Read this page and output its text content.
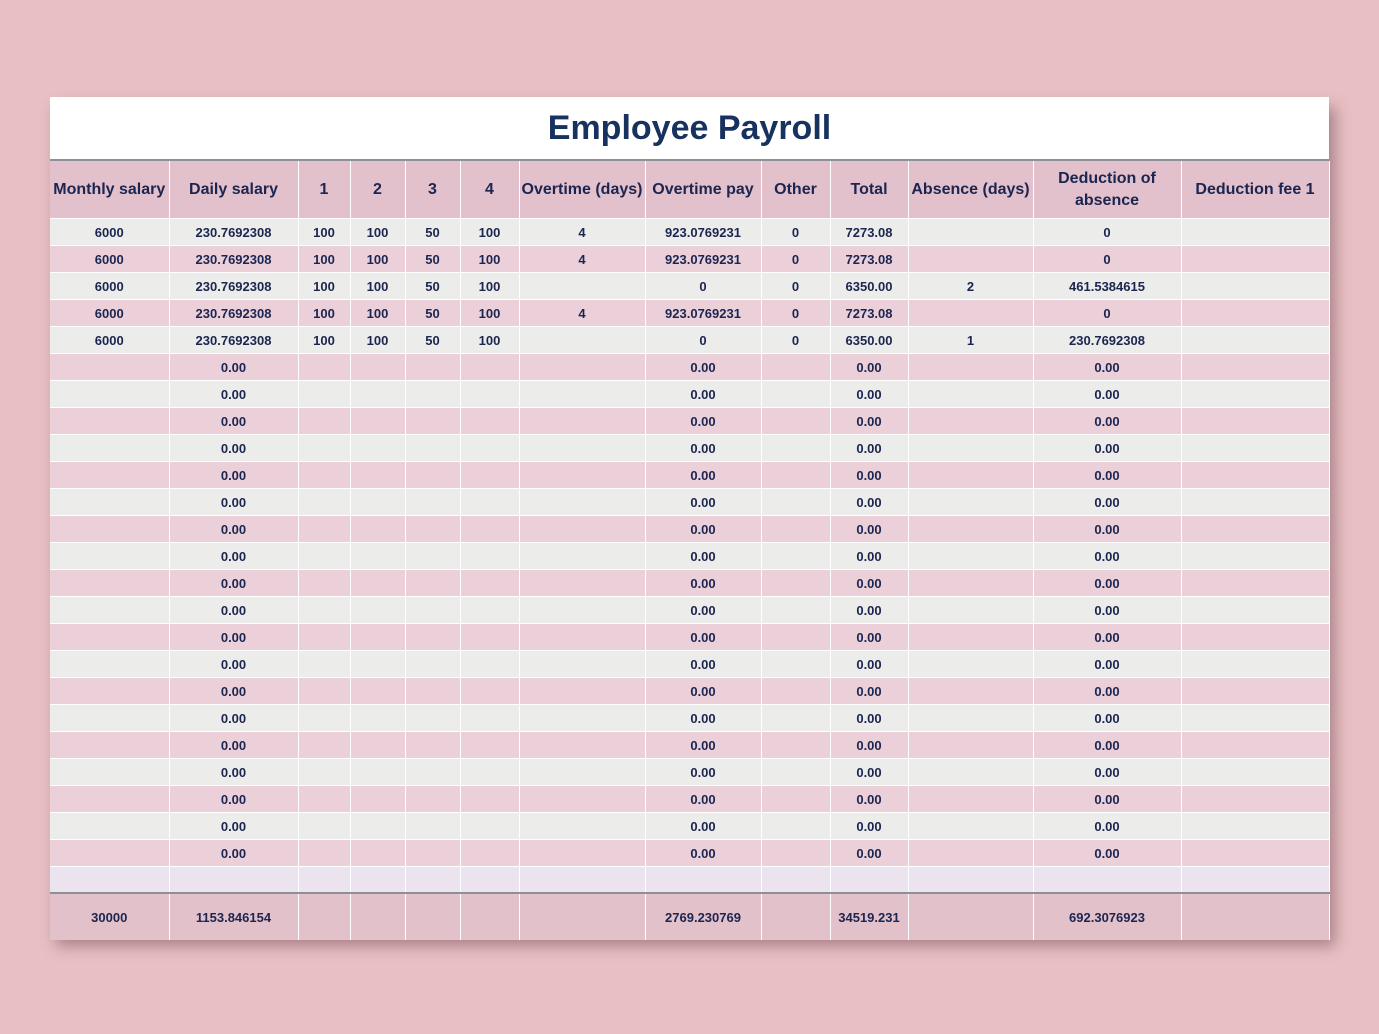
Employee Payroll
Monthly salary	Daily salary	1	2	3	4	Overtime (days)	Overtime pay	Other	Total	Absence (days)	Deduction of absence	Deduction fee 1
6000	230.7692308	100	100	50	100	4	923.0769231	0	7273.08		0	
6000	230.7692308	100	100	50	100	4	923.0769231	0	7273.08		0	
6000	230.7692308	100	100	50	100		0	0	6350.00	2	461.5384615	
6000	230.7692308	100	100	50	100	4	923.0769231	0	7273.08		0	
6000	230.7692308	100	100	50	100		0	0	6350.00	1	230.7692308	
	0.00						0.00		0.00		0.00	
	0.00						0.00		0.00		0.00	
	0.00						0.00		0.00		0.00	
	0.00						0.00		0.00		0.00	
	0.00						0.00		0.00		0.00	
	0.00						0.00		0.00		0.00	
	0.00						0.00		0.00		0.00	
	0.00						0.00		0.00		0.00	
	0.00						0.00		0.00		0.00	
	0.00						0.00		0.00		0.00	
	0.00						0.00		0.00		0.00	
	0.00						0.00		0.00		0.00	
	0.00						0.00		0.00		0.00	
	0.00						0.00		0.00		0.00	
	0.00						0.00		0.00		0.00	
	0.00						0.00		0.00		0.00	
	0.00						0.00		0.00		0.00	
	0.00						0.00		0.00		0.00	
	0.00						0.00		0.00		0.00	

30000	1153.846154						2769.230769		34519.231		692.3076923	
